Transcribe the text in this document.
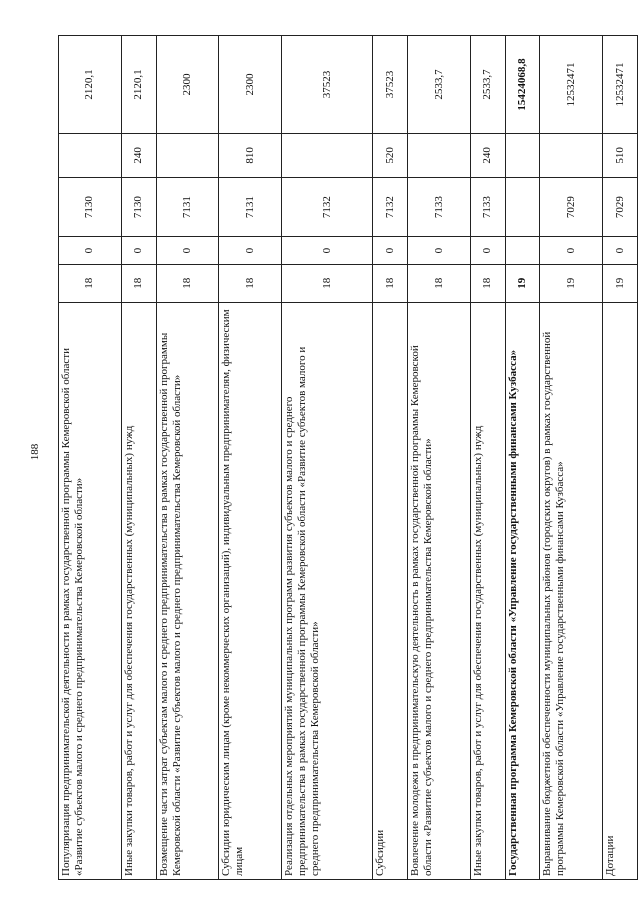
188 Популяризация предпринимательской деятельности в рамках государственной программы Кемеровской области «Развитие субъектов малого и среднего предпринимательства Кемеровской области»	18	0	7130		2120,1
Иные закупки товаров, работ и услуг для обеспечения государственных (муниципальных) нужд	18	0	7130	240	2120,1
Возмещение части затрат субъектам малого и среднего предпринимательства в рамках государственной программы Кемеровской области «Развитие субъектов малого и среднего предпринимательства Кемеровской области»	18	0	7131		2300
Субсидии юридическим лицам (кроме некоммерческих организаций), индивидуальным предпринимателям, физическим лицам	18	0	7131	810	2300
Реализация отдельных мероприятий муниципальных программ развития субъектов малого и среднего предпринимательства в рамках государственной программы Кемеровской области «Развитие субъектов малого и среднего предпринимательства Кемеровской области»	18	0	7132		37523
Субсидии	18	0	7132	520	37523
Вовлечение молодежи в предпринимательскую деятельность в рамках государственной программы Кемеровской области «Развитие субъектов малого и среднего предпринимательства Кемеровской области»	18	0	7133		2533,7
Иные закупки товаров, работ и услуг для обеспечения государственных (муниципальных) нужд	18	0	7133	240	2533,7
Государственная программа Кемеровской области «Управление государственными финансами Кузбасса»	19				15424068,8
Выравнивание бюджетной обеспеченности муниципальных районов (городских округов) в рамках государственной программы Кемеровской области «Управление государственными финансами Кузбасса»	19	0	7029		12532471
Дотации	19	0	7029	510	12532471
